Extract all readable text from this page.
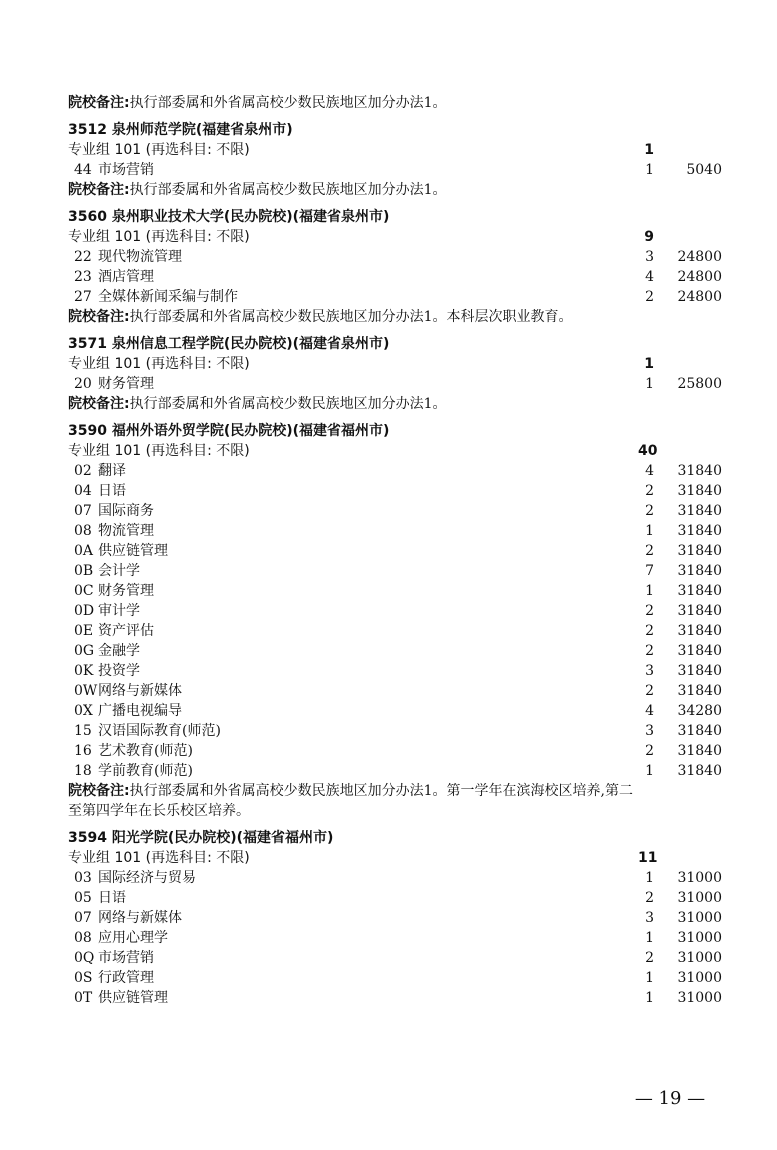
院校备注:执行部委属和外省属高校少数民族地区加分办法1。
3512 泉州师范学院(福建省泉州市)
专业组 101 (再选科目: 不限)	1
44 市场营销	1	5040
院校备注:执行部委属和外省属高校少数民族地区加分办法1。
3560 泉州职业技术大学(民办院校)(福建省泉州市)
专业组 101 (再选科目: 不限)	9
22 现代物流管理	3 24800
23 酒店管理	4 24800
27 全媒体新闻采编与制作	2 24800
院校备注:执行部委属和外省属高校少数民族地区加分办法1。本科层次职业教育。
3571 泉州信息工程学院(民办院校)(福建省泉州市)
专业组 101 (再选科目: 不限)	1
20 财务管理	1 25800
院校备注:执行部委属和外省属高校少数民族地区加分办法1。
3590 福州外语外贸学院(民办院校)(福建省福州市)
专业组 101 (再选科目: 不限)	40
02 翻译	4 31840
04 日语	2 31840
07 国际商务	2 31840
08 物流管理	1 31840
0A 供应链管理	2 31840
0B 会计学	7 31840
0C 财务管理	1 31840
0D 审计学	2 31840
0E 资产评估	2 31840
0G 金融学	2 31840
0K 投资学	3 31840
0W 网络与新媒体	2 31840
0X 广播电视编导	4 34280
15 汉语国际教育(师范)	3 31840
16 艺术教育(师范)	2 31840
18 学前教育(师范)	1 31840
院校备注:执行部委属和外省属高校少数民族地区加分办法1。第一学年在滨海校区培养,第二
至第四学年在长乐校区培养。
3594 阳光学院(民办院校)(福建省福州市)
专业组 101 (再选科目: 不限)	11
03 国际经济与贸易	1 31000
05 日语	2 31000
07 网络与新媒体	3 31000
08 应用心理学	1 31000
0Q 市场营销	2 31000
0S 行政管理	1 31000
0T 供应链管理	1 31000
— 19 —
